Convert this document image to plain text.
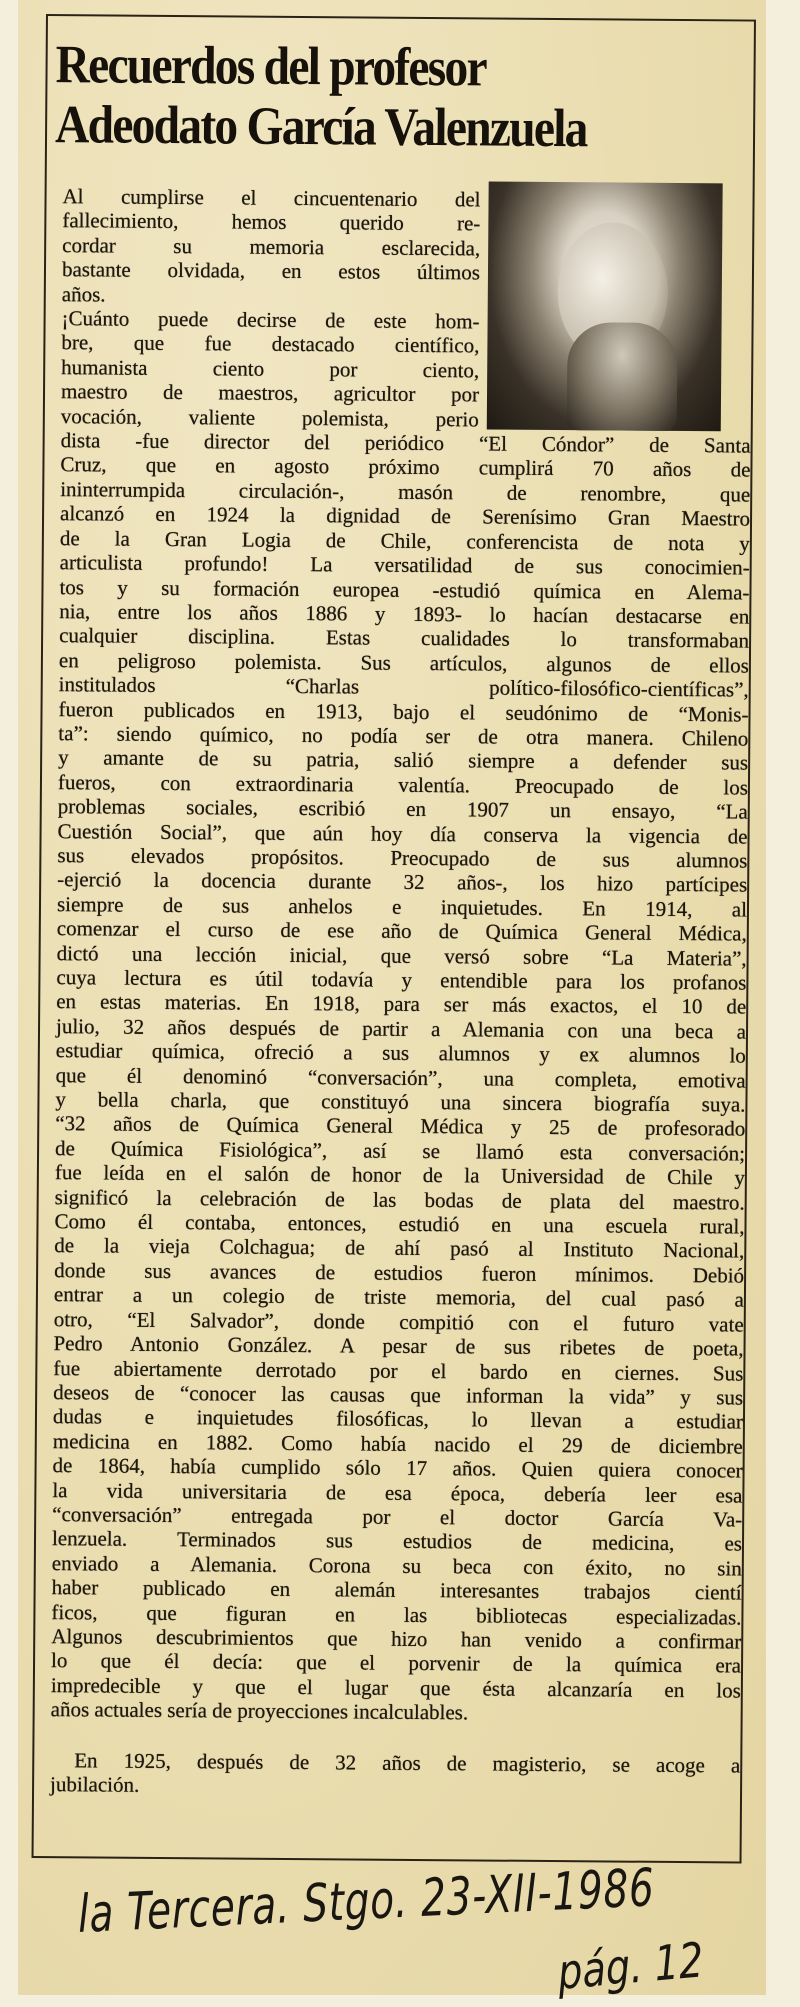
Recuerdos del profesor
Adeodato García Valenzuela
Al cumplirse el cincuentenario del
fallecimiento, hemos querido re-
cordar su memoria esclarecida,
bastante olvidada, en estos últimos
años.
¡Cuánto puede decirse de este hom-
bre, que fue destacado científico,
humanista ciento por ciento,
maestro de maestros, agricultor por
vocación, valiente polemista, perio
dista -fue director del periódico “El Cóndor” de Santa
Cruz, que en agosto próximo cumplirá 70 años de
ininterrumpida circulación-, masón de renombre, que
alcanzó en 1924 la dignidad de Serenísimo Gran Maestro
de la Gran Logia de Chile, conferencista de nota y
articulista profundo! La versatilidad de sus conocimien-
tos y su formación europea -estudió química en Alema-
nia, entre los años 1886 y 1893- lo hacían destacarse en
cualquier disciplina. Estas cualidades lo transformaban
en peligroso polemista. Sus artículos, algunos de ellos
institulados “Charlas político-filosófico-científicas”,
fueron publicados en 1913, bajo el seudónimo de “Monis-
ta”: siendo químico, no podía ser de otra manera. Chileno
y amante de su patria, salió siempre a defender sus
fueros, con extraordinaria valentía. Preocupado de los
problemas sociales, escribió en 1907 un ensayo, “La
Cuestión Social”, que aún hoy día conserva la vigencia de
sus elevados propósitos. Preocupado de sus alumnos
-ejerció la docencia durante 32 años-, los hizo partícipes
siempre de sus anhelos e inquietudes. En 1914, al
comenzar el curso de ese año de Química General Médica,
dictó una lección inicial, que versó sobre “La Materia”,
cuya lectura es útil todavía y entendible para los profanos
en estas materias. En 1918, para ser más exactos, el 10 de
julio, 32 años después de partir a Alemania con una beca a
estudiar química, ofreció a sus alumnos y ex alumnos lo
que él denominó “conversación”, una completa, emotiva
y bella charla, que constituyó una sincera biografía suya.
“32 años de Química General Médica y 25 de profesorado
de Química Fisiológica”, así se llamó esta conversación;
fue leída en el salón de honor de la Universidad de Chile y
significó la celebración de las bodas de plata del maestro.
Como él contaba, entonces, estudió en una escuela rural,
de la vieja Colchagua; de ahí pasó al Instituto Nacional,
donde sus avances de estudios fueron mínimos. Debió
entrar a un colegio de triste memoria, del cual pasó a
otro, “El Salvador”, donde compitió con el futuro vate
Pedro Antonio González. A pesar de sus ribetes de poeta,
fue abiertamente derrotado por el bardo en ciernes. Sus
deseos de “conocer las causas que informan la vida” y sus
dudas e inquietudes filosóficas, lo llevan a estudiar
medicina en 1882. Como había nacido el 29 de diciembre
de 1864, había cumplido sólo 17 años. Quien quiera conocer
la vida universitaria de esa época, debería leer esa
“conversación” entregada por el doctor García Va-
lenzuela. Terminados sus estudios de medicina, es
enviado a Alemania. Corona su beca con éxito, no sin
haber publicado en alemán interesantes trabajos cientí
ficos, que figuran en las bibliotecas especializadas.
Algunos descubrimientos que hizo han venido a confirmar
lo que él decía: que el porvenir de la química era
impredecible y que el lugar que ésta alcanzaría en los
años actuales sería de proyecciones incalculables.
En 1925, después de 32 años de magisterio, se acoge a
jubilación.
la Tercera. Stgo. 23-XII-1986
pág. 12
